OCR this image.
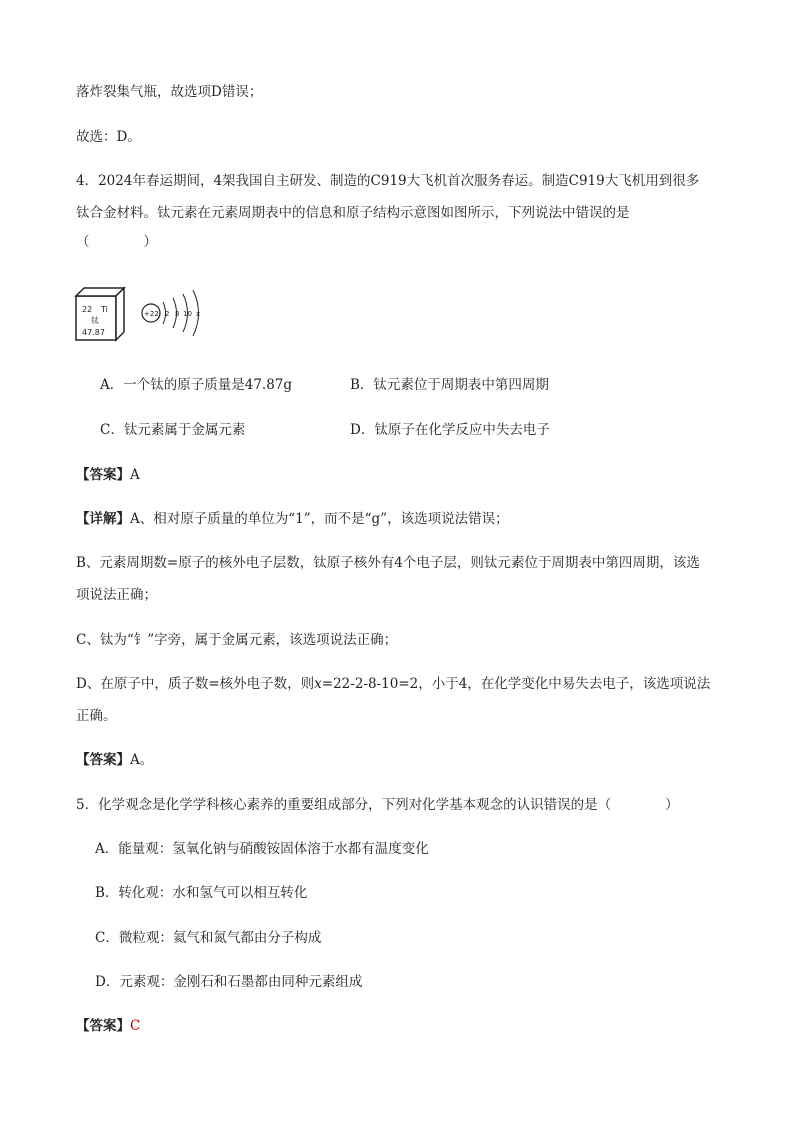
落炸裂集气瓶，故选项D错误；
故选：D。
4．2024年春运期间，4架我国自主研发、制造的C919大飞机首次服务春运。制造C919大飞机用到很多
钛合金材料。钛元素在元素周期表中的信息和原子结构示意图如图所示，下列说法中错误的是
（　　　　）
22 Ti
钛
47.87
+22 2 8 10 x
A．一个钛的原子质量是47.87g	B．钛元素位于周期表中第四周期
C．钛元素属于金属元素	D．钛原子在化学反应中失去电子
【答案】A
【详解】A、相对原子质量的单位为“1”，而不是“g”，该选项说法错误；
B、元素周期数=原子的核外电子层数，钛原子核外有4个电子层，则钛元素位于周期表中第四周期，该选
项说法正确；
C、钛为“钅”字旁，属于金属元素，该选项说法正确；
D、在原子中，质子数=核外电子数，则x=22-2-8-10=2，小于4，在化学变化中易失去电子，该选项说法
正确。
【答案】A。
5．化学观念是化学学科核心素养的重要组成部分，下列对化学基本观念的认识错误的是（　　　　）
A．能量观：氢氧化钠与硝酸铵固体溶于水都有温度变化
B．转化观：水和氢气可以相互转化
C．微粒观：氦气和氮气都由分子构成
D．元素观：金刚石和石墨都由同种元素组成
【答案】C
